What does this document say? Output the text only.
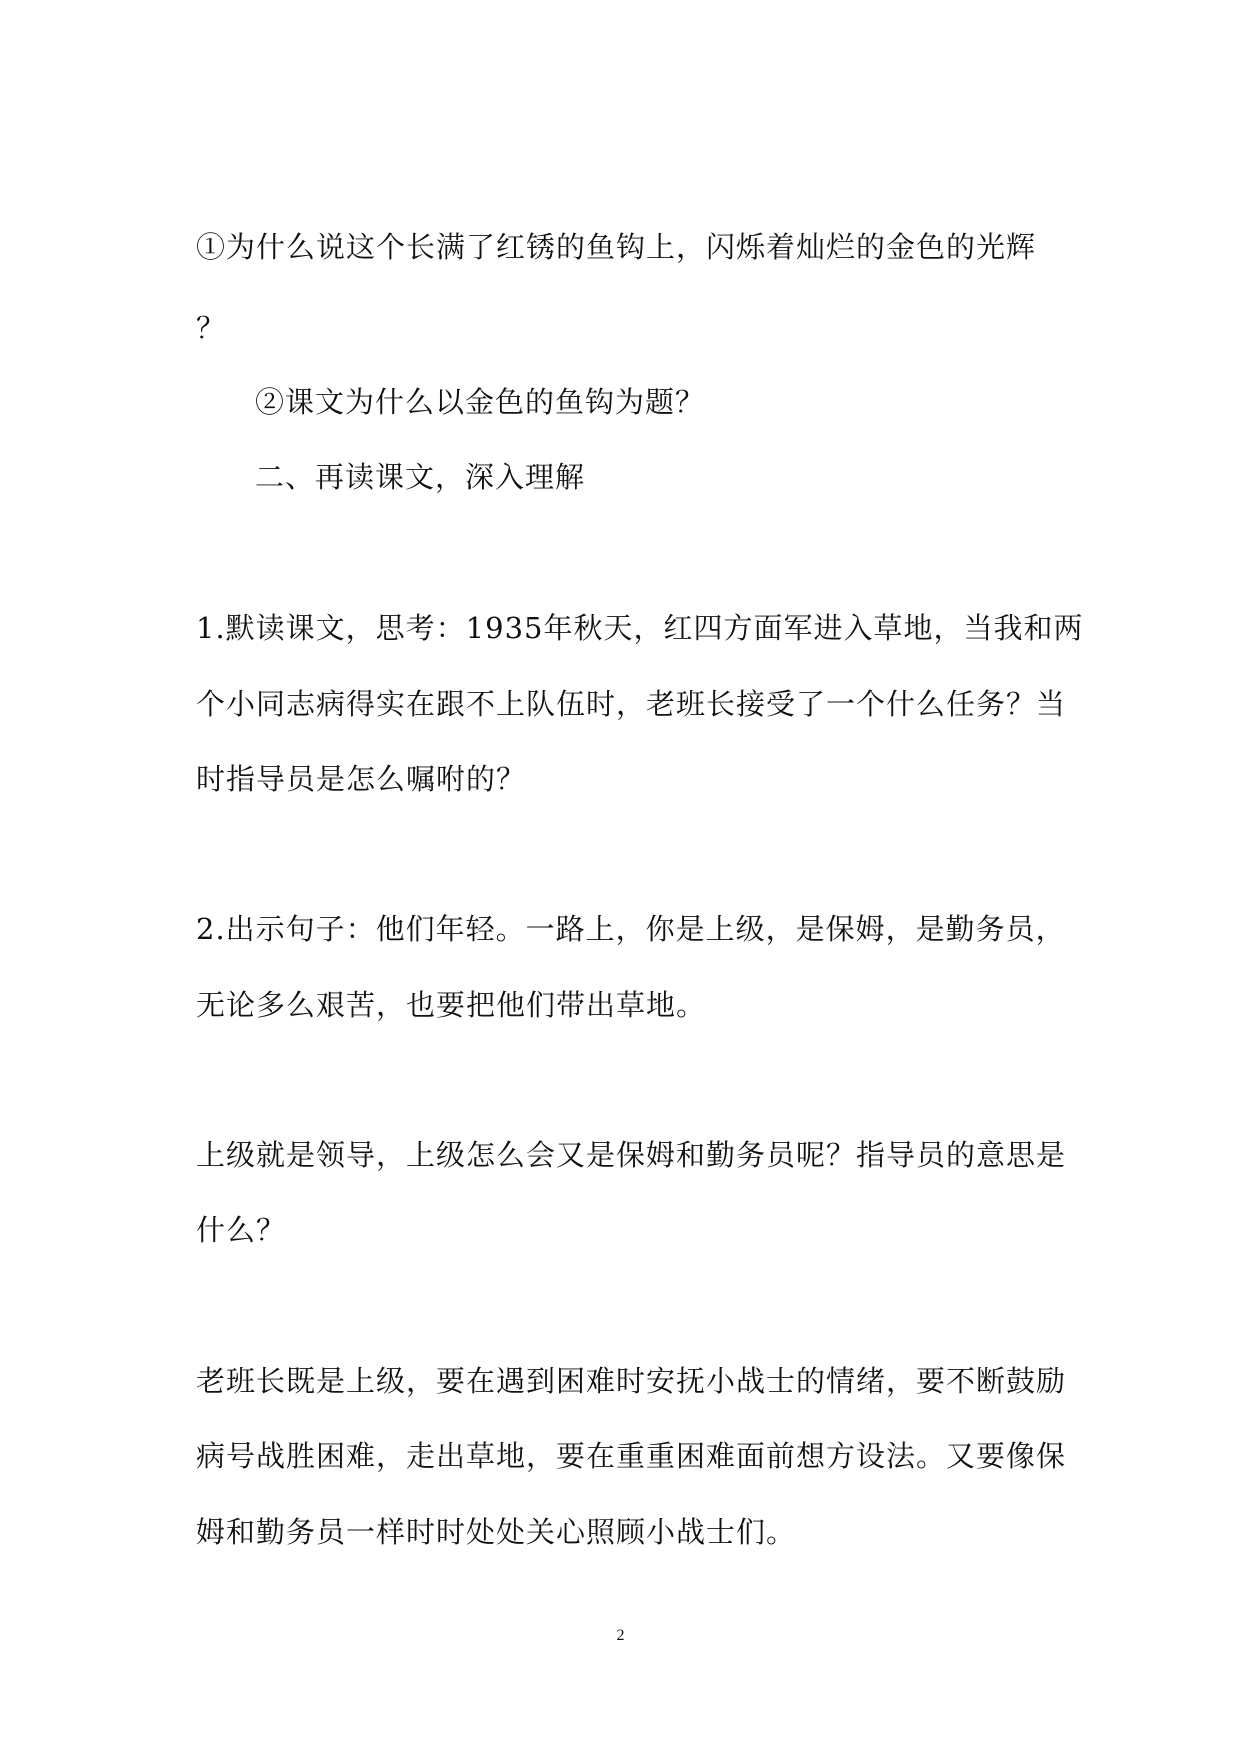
①为什么说这个长满了红锈的鱼钩上，闪烁着灿烂的金色的光辉
？
②课文为什么以金色的鱼钩为题？
二、再读课文，深入理解
1.默读课文，思考：1935年秋天，红四方面军进入草地，当我和两
个小同志病得实在跟不上队伍时，老班长接受了一个什么任务？当
时指导员是怎么嘱咐的？
2.出示句子：他们年轻。一路上，你是上级，是保姆，是勤务员，
无论多么艰苦，也要把他们带出草地。
上级就是领导，上级怎么会又是保姆和勤务员呢？指导员的意思是
什么？
老班长既是上级，要在遇到困难时安抚小战士的情绪，要不断鼓励
病号战胜困难，走出草地，要在重重困难面前想方设法。又要像保
姆和勤务员一样时时处处关心照顾小战士们。
2
